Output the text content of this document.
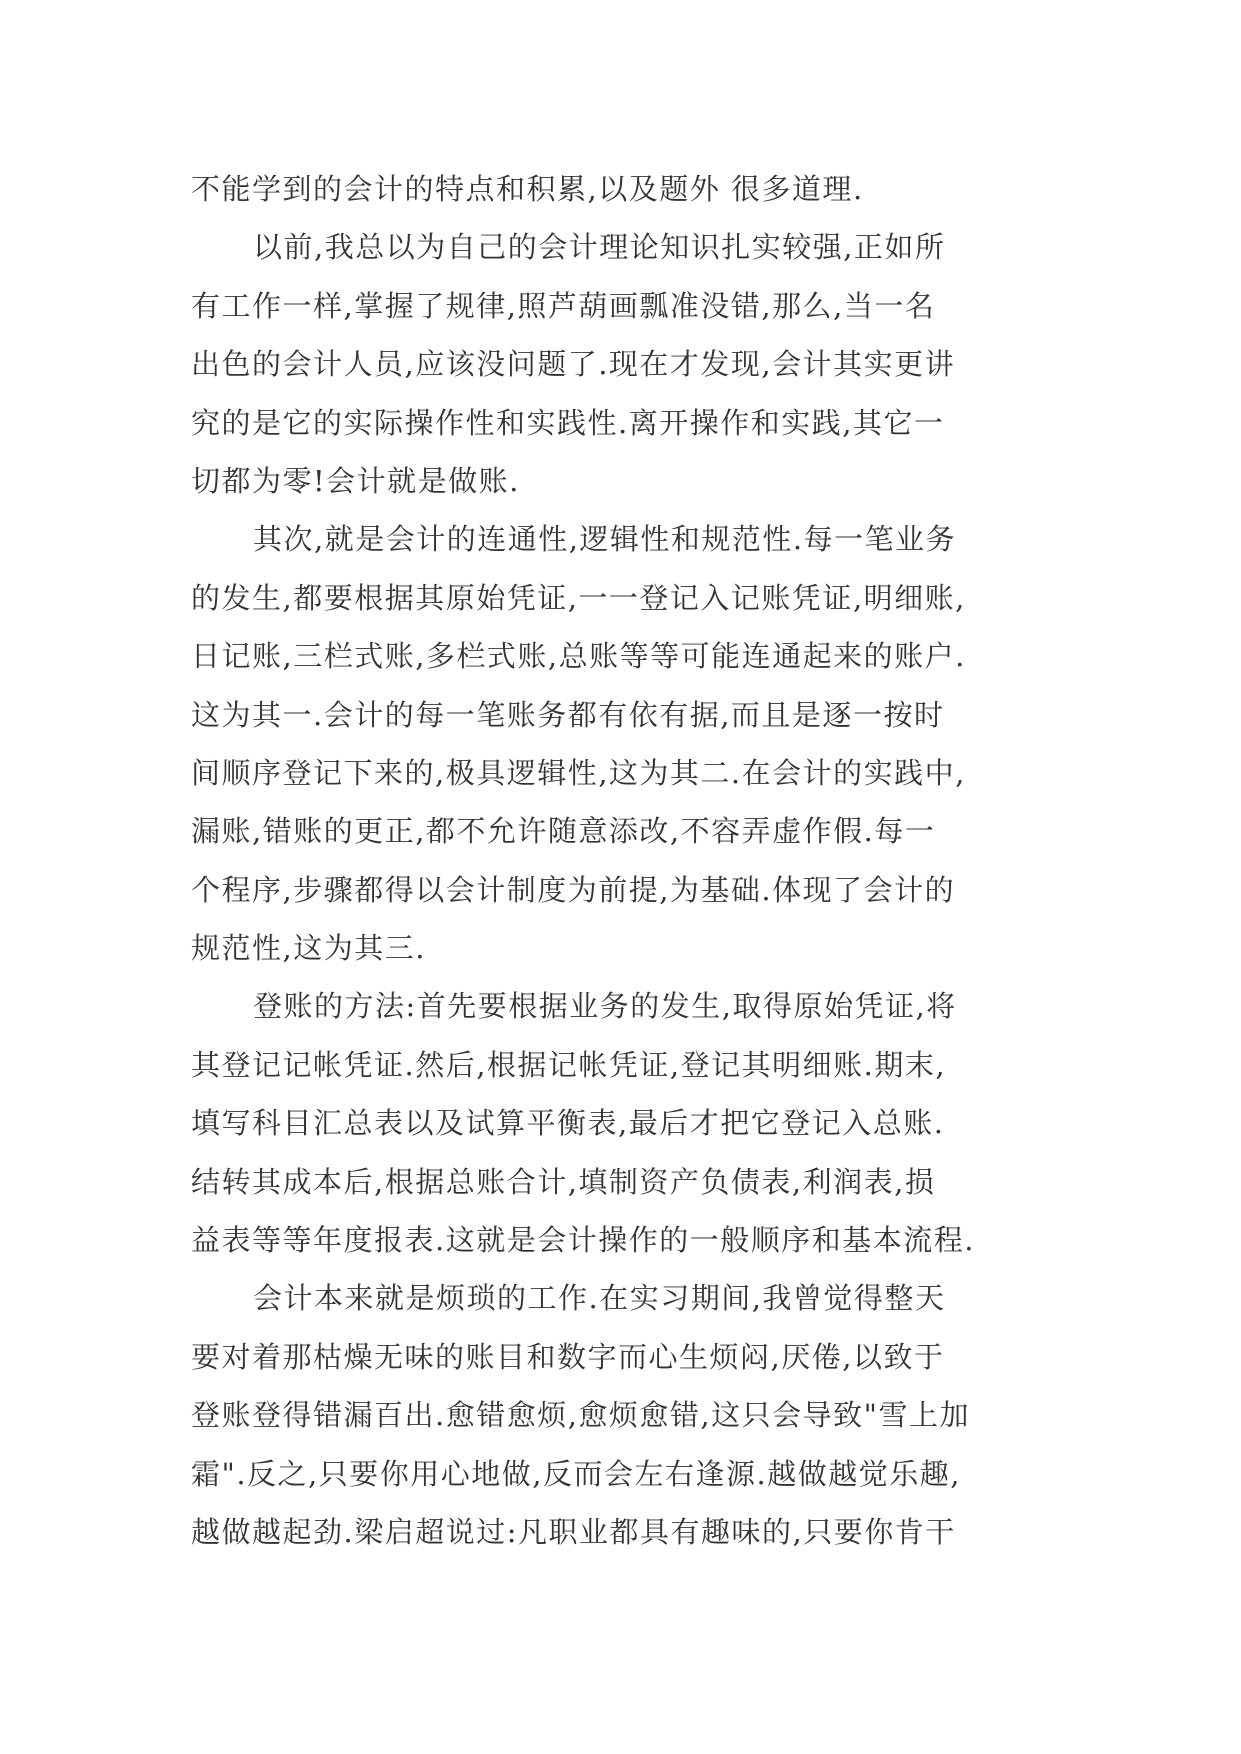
不能学到的会计的特点和积累,以及题外 很多道理.
以前,我总以为自己的会计理论知识扎实较强,正如所
有工作一样,掌握了规律,照芦葫画瓢准没错,那么,当一名
出色的会计人员,应该没问题了.现在才发现,会计其实更讲
究的是它的实际操作性和实践性.离开操作和实践,其它一
切都为零!会计就是做账.
其次,就是会计的连通性,逻辑性和规范性.每一笔业务
的发生,都要根据其原始凭证,一一登记入记账凭证,明细账,
日记账,三栏式账,多栏式账,总账等等可能连通起来的账户.
这为其一.会计的每一笔账务都有依有据,而且是逐一按时
间顺序登记下来的,极具逻辑性,这为其二.在会计的实践中,
漏账,错账的更正,都不允许随意添改,不容弄虚作假.每一
个程序,步骤都得以会计制度为前提,为基础.体现了会计的
规范性,这为其三.
登账的方法:首先要根据业务的发生,取得原始凭证,将
其登记记帐凭证.然后,根据记帐凭证,登记其明细账.期末,
填写科目汇总表以及试算平衡表,最后才把它登记入总账.
结转其成本后,根据总账合计,填制资产负债表,利润表,损
益表等等年度报表.这就是会计操作的一般顺序和基本流程.
会计本来就是烦琐的工作.在实习期间,我曾觉得整天
要对着那枯燥无味的账目和数字而心生烦闷,厌倦,以致于
登账登得错漏百出.愈错愈烦,愈烦愈错,这只会导致"雪上加
霜".反之,只要你用心地做,反而会左右逢源.越做越觉乐趣,
越做越起劲.梁启超说过:凡职业都具有趣味的,只要你肯干
